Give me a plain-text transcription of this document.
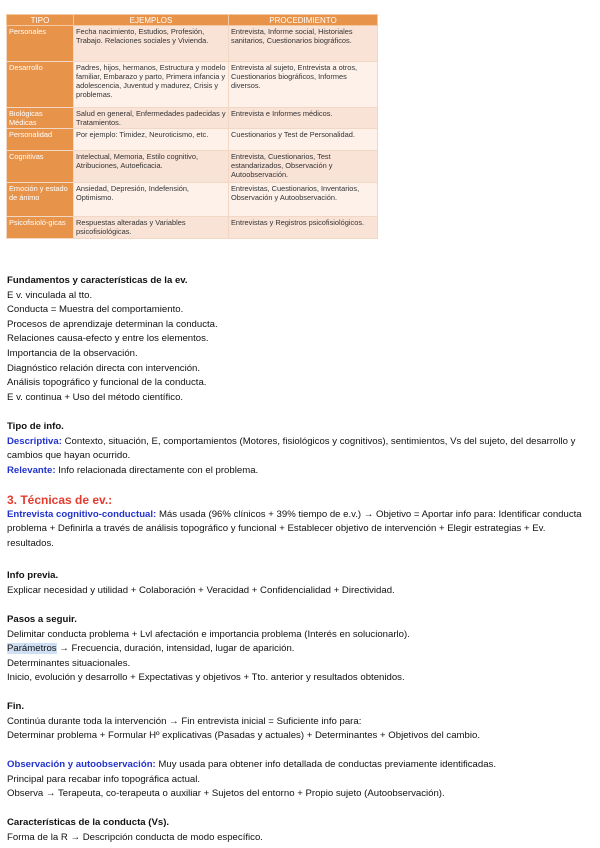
TIPO	EJEMPLOS	PROCEDIMIENTO
Personales	Fecha nacimiento, Estudios, Profesión, Trabajo. Relaciones sociales y Vivienda.	Entrevista, Informe social, Historiales sanitarios, Cuestionarios biográficos.
Desarrollo	Padres, hijos, hermanos, Estructura y modelo familiar, Embarazo y parto, Primera infancia y adolescencia, Juventud y madurez, Crisis y problemas.	Entrevista al sujeto, Entrevista a otros, Cuestionarios biográficos, Informes diversos.
Biológicas Médicas	Salud en general, Enfermedades padecidas y Tratamientos.	Entrevista e Informes médicos.
Personalidad	Por ejemplo: Timidez, Neuroticismo, etc.	Cuestionarios y Test de Personalidad.
Cognitivas	Intelectual, Memoria, Estilo cognitivo, Atribuciones, Autoeficacia.	Entrevista, Cuestionarios, Test estandarizados, Observación y Autoobservación.
Emoción y estado de ánimo	Ansiedad, Depresión, Indefensión, Optimismo.	Entrevistas, Cuestionarios, Inventarios, Observación y Autoobservación.
Psicofisioló-gicas	Respuestas alteradas y Variables psicofisiológicas.	Entrevistas y Registros psicofisiológicos.
Fundamentos y características de la ev.
E v. vinculada al tto.
Conducta = Muestra del comportamiento.
Procesos de aprendizaje determinan la conducta.
Relaciones causa-efecto y entre los elementos.
Importancia de la observación.
Diagnóstico relación directa con intervención.
Análisis topográfico y funcional de la conducta.
E v. continua + Uso del método científico.
Tipo de info.
Descriptiva: Contexto, situación, E, comportamientos (Motores, fisiológicos y cognitivos), sentimientos, Vs del sujeto, del desarrollo y cambios que hayan ocurrido.
Relevante: Info relacionada directamente con el problema.
3. Técnicas de ev.:
Entrevista cognitivo-conductual: Más usada (96% clínicos + 39% tiempo de e.v.) → Objetivo = Aportar info para: Identificar conducta problema + Definirla a través de análisis topográfico y funcional + Establecer objetivo de intervención + Elegir estrategias + Ev. resultados.
Info previa.
Explicar necesidad y utilidad + Colaboración + Veracidad + Confidencialidad + Directividad.
Pasos a seguir.
Delimitar conducta problema + Lvl afectación e importancia problema (Interés en solucionarlo).
Parámetros → Frecuencia, duración, intensidad, lugar de aparición.
Determinantes situacionales.
Inicio, evolución y desarrollo + Expectativas y objetivos + Tto. anterior y resultados obtenidos.
Fin.
Continúa durante toda la intervención → Fin entrevista inicial = Suficiente info para:
Determinar problema + Formular Hº explicativas (Pasadas y actuales) + Determinantes + Objetivos del cambio.
Observación y autoobservación: Muy usada para obtener info detallada de conductas previamente identificadas.
Principal para recabar info topográfica actual.
Observa → Terapeuta, co-terapeuta o auxiliar + Sujetos del entorno + Propio sujeto (Autoobservación).
Características de la conducta (Vs).
Forma de la R → Descripción conducta de modo específico.
